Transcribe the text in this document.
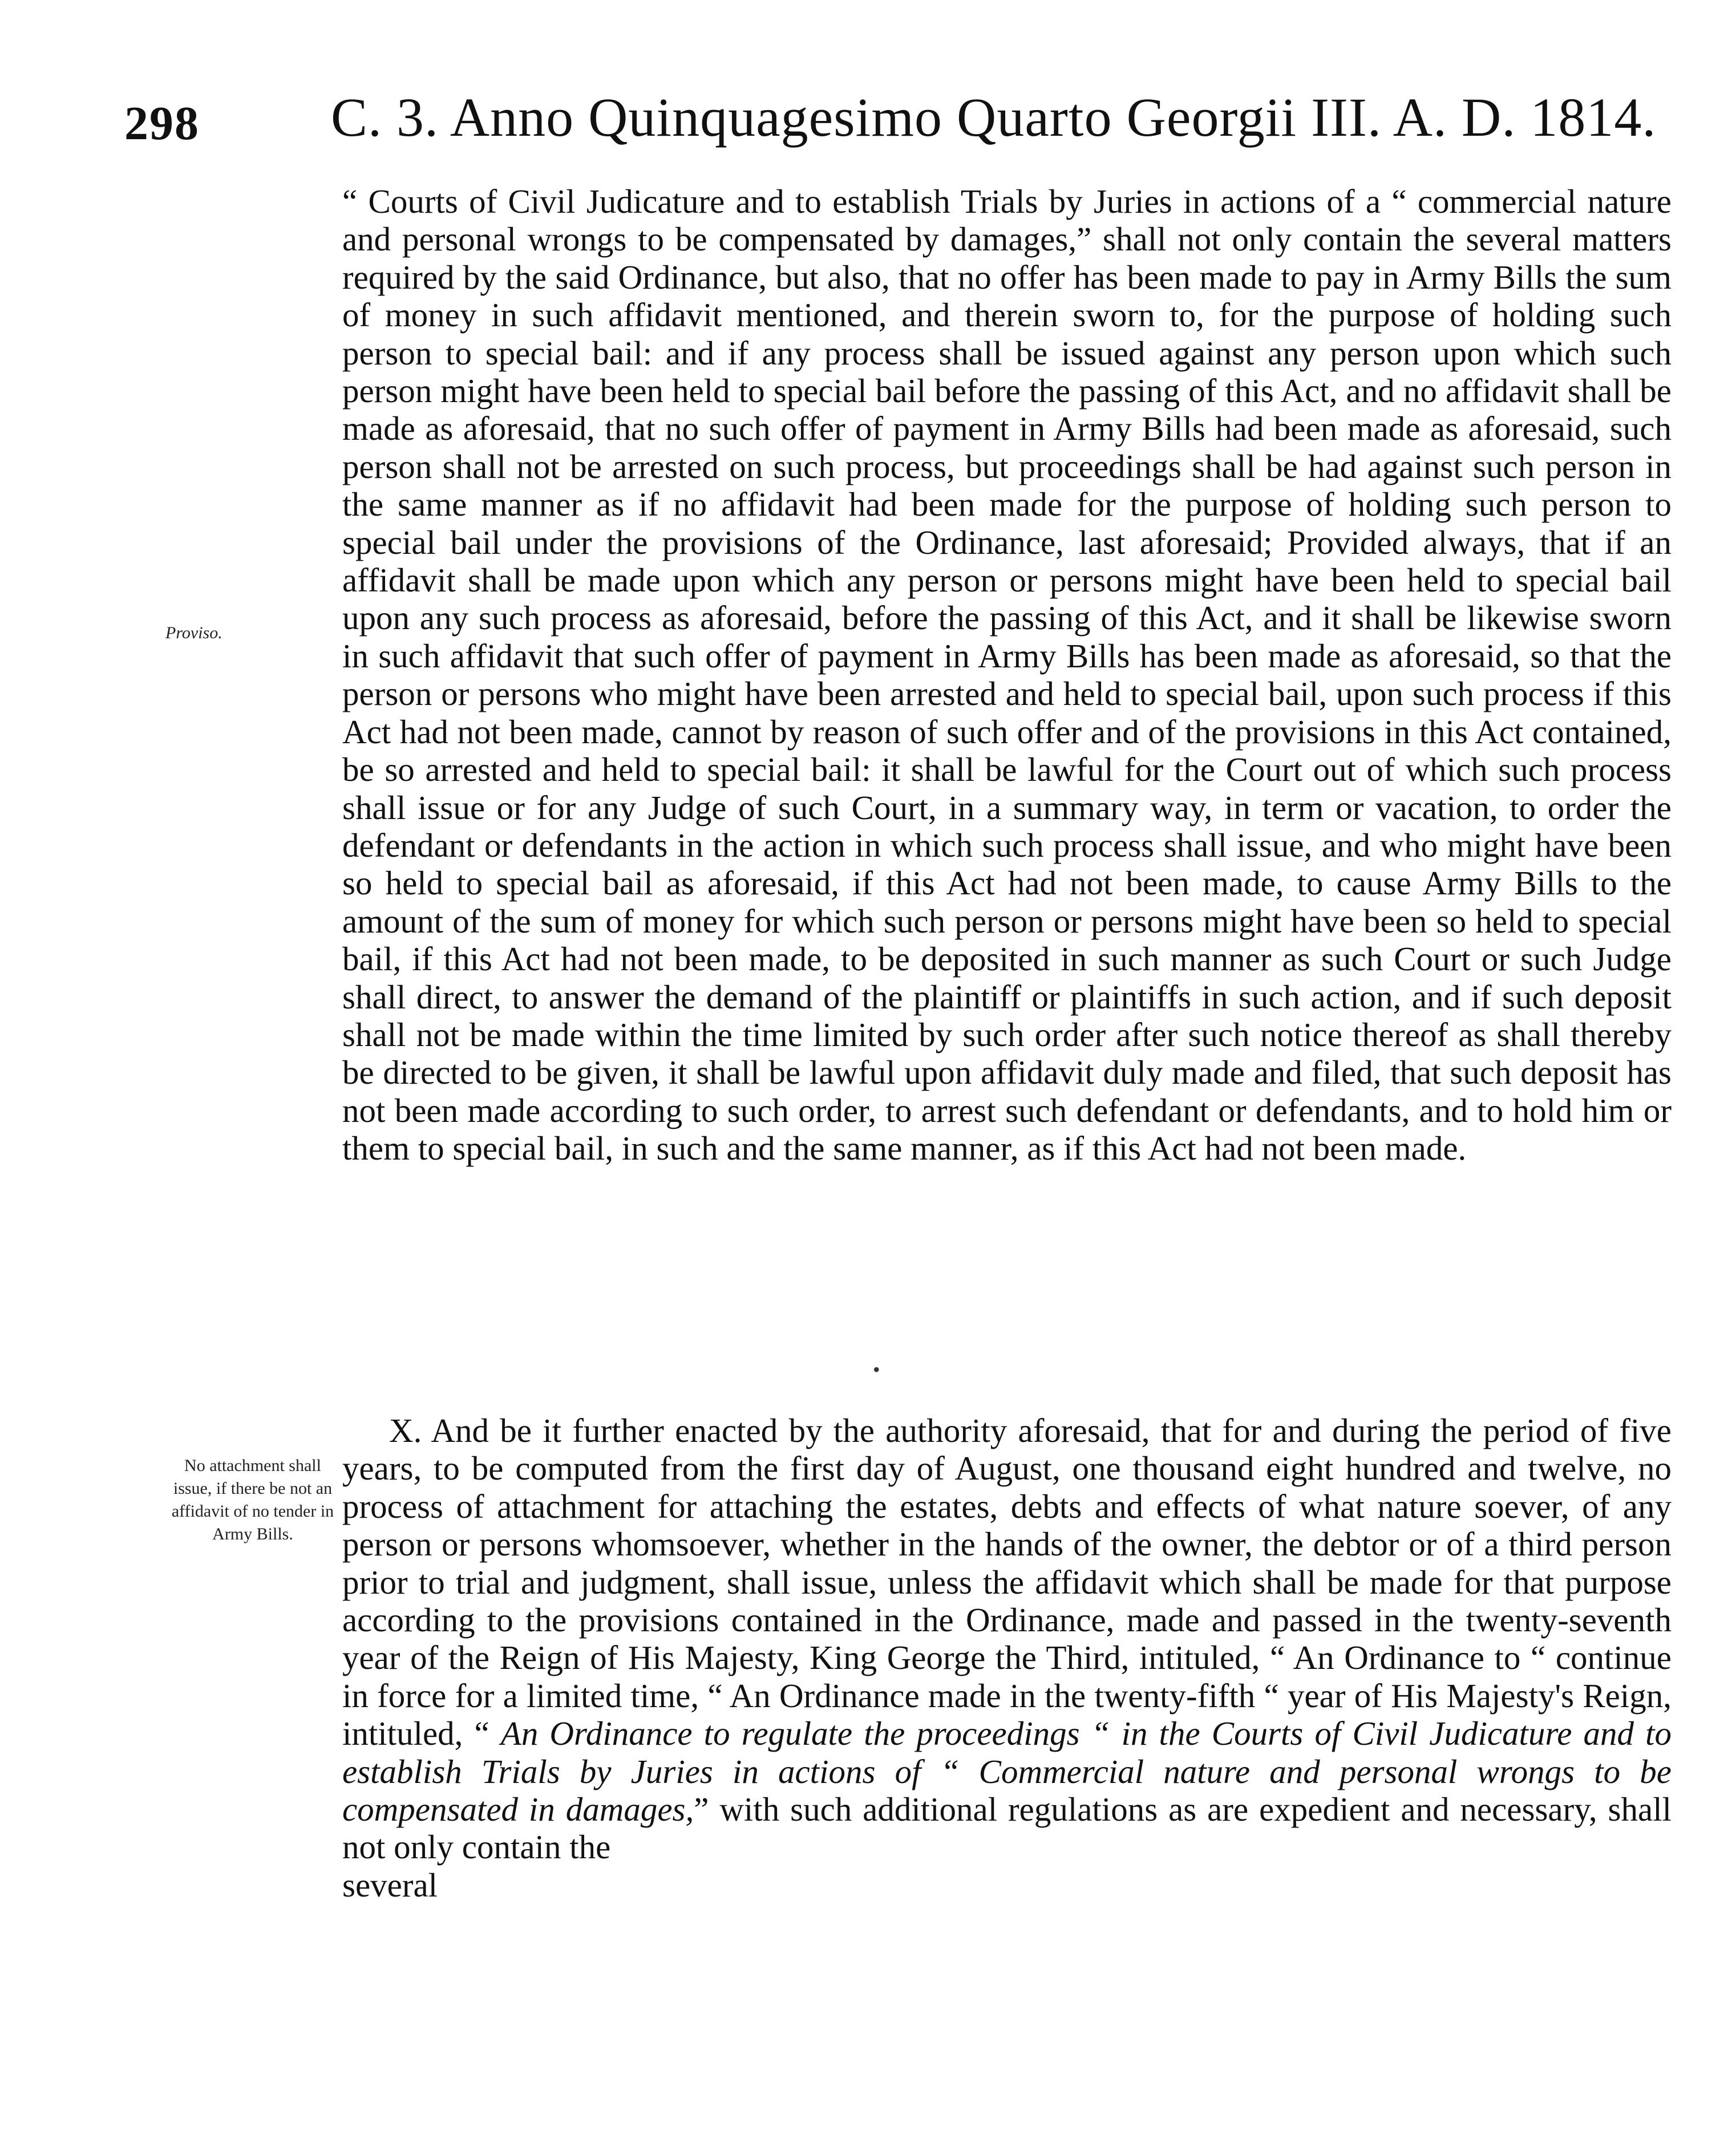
298 C. 3. Anno Quinquagesimo Quarto Georgii III. A. D. 1814.

“ Courts of Civil Judicature and to establish Trials by Juries in actions of a “ commercial nature and personal wrongs to be compensated by damages,” shall not only contain the several matters required by the said Ordinance, but also, that no offer has been made to pay in Army Bills the sum of money in such affidavit mentioned, and therein sworn to, for the purpose of holding such person to special bail: and if any process shall be issued against any person upon which such person might have been held to special bail before the passing of this Act, and no affidavit shall be made as aforesaid, that no such offer of payment in Army Bills had been made as aforesaid, such person shall not be arrested on such process, but proceedings shall be had against such person in the same manner as if no affidavit had been made for the purpose of holding such person to special bail under the provisions of the Ordinance, last aforesaid; Provided always, that if an affidavit shall be made upon which any person or persons might have been held to special bail upon any such process as aforesaid, before the passing of this Act, and it shall be likewise sworn in such affidavit that such offer of payment in Army Bills has been made as aforesaid, so that the person or persons who might have been arrested and held to special bail, upon such process if this Act had not been made, cannot by reason of such offer and of the provisions in this Act contained, be so arrested and held to special bail: it shall be lawful for the Court out of which such process shall issue or for any Judge of such Court, in a summary way, in term or vacation, to order the defendant or defendants in the action in which such process shall issue, and who might have been so held to special bail as aforesaid, if this Act had not been made, to cause Army Bills to the amount of the sum of money for which such person or persons might have been so held to special bail, if this Act had not been made, to be deposited in such manner as such Court or such Judge shall direct, to answer the demand of the plaintiff or plaintiffs in such action, and if such deposit shall not be made within the time limited by such order after such notice thereof as shall thereby be directed to be given, it shall be lawful upon affidavit duly made and filed, that such deposit has not been made according to such order, to arrest such defendant or defendants, and to hold him or them to special bail, in such and the same manner, as if this Act had not been made.

Proviso.
•
No attachment shall issue, if there be not an affidavit of no tender in Army Bills.

X. And be it further enacted by the authority aforesaid, that for and during the period of five years, to be computed from the first day of August, one thousand eight hundred and twelve, no process of attachment for attaching the estates, debts and effects of what nature soever, of any person or persons whomsoever, whether in the hands of the owner, the debtor or of a third person prior to trial and judgment, shall issue, unless the affidavit which shall be made for that purpose according to the provisions contained in the Ordinance, made and passed in the twenty-seventh year of the Reign of His Majesty, King George the Third, intituled, “ An Ordinance to “ continue in force for a limited time, “ An Ordinance made in the twenty-fifth “ year of His Majesty's Reign, intituled, “ An Ordinance to regulate the proceedings “ in the Courts of Civil Judicature and to establish Trials by Juries in actions of “ Commercial nature and personal wrongs to be compensated in damages,” with such additional regulations as are expedient and necessary, shall not only contain the
several
